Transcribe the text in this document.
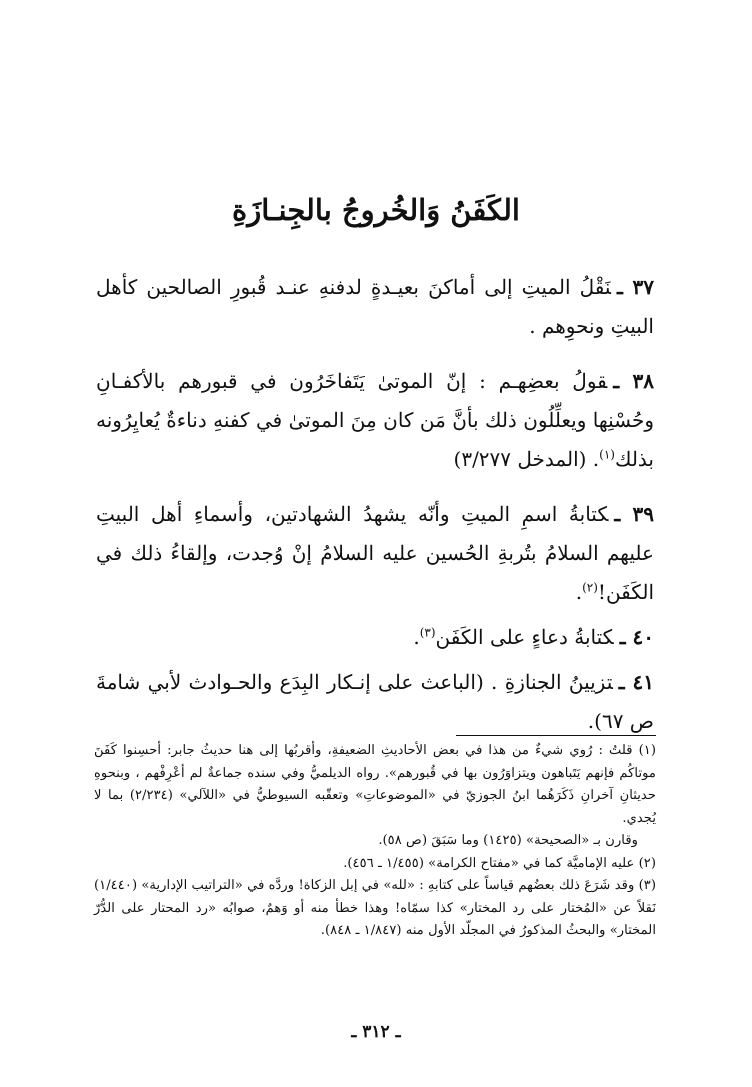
الكَفَنُ وَالخُروجُ بالجِنـازَةِ

٣٧ ـنَقْلُ الميتِ إلى أماكنَ بعيـدةٍ لدفنهِ عنـد قُبورِ الصالحين كأهل البيتِ ونحوِهم .

٣٨ ـقولُ بعضِهـم : إنّ الموتىٰ يَتَفاخَرُون في قبورهم بالأكفـانِ وحُسْنِها ويعلِّلُون ذلك بأنَّ مَن كان مِنَ الموتىٰ في كفنهِ دناءةٌ يُعايِرُونه بذلك$^{(١)}$. (المدخل ٣/٢٧٧)

٣٩ ـكتابةُ اسمِ الميتِ وأنّه يشهدُ الشهادتين، وأسماءِ أهل البيتِ عليهم السلامُ بتُربةِ الحُسين عليه السلامُ إنْ وُجدت، وإلقاءُ ذلك في الكَفَن!$^{(٢)}$.

٤٠ ـكتابةُ دعاءٍ على الكَفَن$^{(٣)}$.

٤١ ـتزيينُ الجنازةِ . (الباعث على إنـكار البِدَع والحـوادث لأبي شامةَ ص ٦٧).

(١) قلتُ : رُوي شيءٌ من هذا في بعض الأحاديثِ الضعيفةِ، وأقربُها إلى هنا حديثُ جابر: أحسِنوا كَفَنَ موتاكُم فإنهم يَتَباهون ويتزاوَرُون بها في قُبورهم». رواه الديلميُّ وفي سنده جماعةٌ لم أعْرِفْهم ، وبنحوهِ حديثانِ آخرانِ ذَكَرَهُما ابنُ الجوزيّ في «الموضوعاتِ» وتعقّبه السيوطيُّ في «اللآلي» (٢/٢٣٤) بما لا يُجدي.

وقارن بـ «الصحيحة» (١٤٢٥) وما سَبَقَ (ص ٥٨).

(٢) عليه الإماميَّة كما في «مفتاح الكرامة» (١/٤٥٥ ـ ٤٥٦).

(٣) وقد شَرَعَ ذلك بعضُهم قياساً على كتابهِ : «لله» في إبل الزكاة! وردَّه في «التراتيب الإدارية» (١/٤٤٠) نَقلاً عن «المُختار على رد المختار» كذا سمّاه! وهذا خطأ منه أو وَهمٌ، صوابُه «رد المحتار على الدُّرّ المختار» والبحثُ المذكورُ في المجلّد الأول منه (١/٨٤٧ ـ ٨٤٨).

ـ ٣١٢ ـ
